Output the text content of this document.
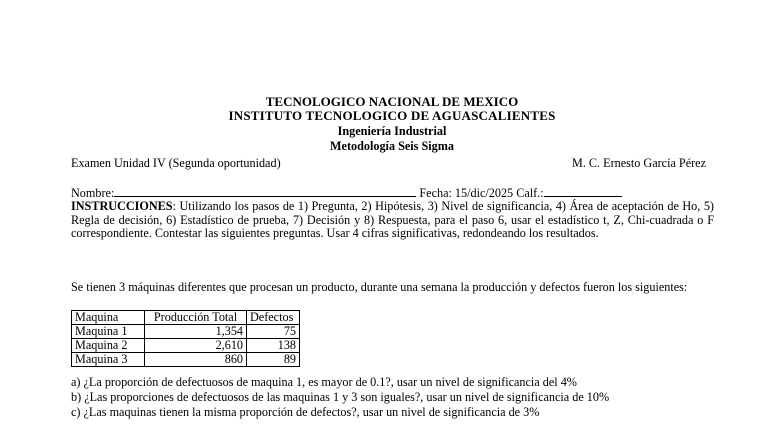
TECNOLOGICO NACIONAL DE MEXICO
INSTITUTO TECNOLOGICO DE AGUASCALIENTES
Ingeniería Industrial
Metodología Seis Sigma
Examen Unidad IV (Segunda oportunidad)	M. C. Ernesto García Pérez
Nombre:	Fecha: 15/dic/2025 Calf.:
INSTRUCCIONES: Utilizando los pasos de 1) Pregunta, 2) Hipótesis, 3) Nivel de significancia, 4) Área de aceptación de Ho, 5) Regla de decisión, 6) Estadístico de prueba, 7) Decisión y 8) Respuesta, para el paso 6, usar el estadístico t, Z, Chi-cuadrada o F correspondiente. Contestar las siguientes preguntas. Usar 4 cifras significativas, redondeando los resultados.
Se tienen 3 máquinas diferentes que procesan un producto, durante una semana la producción y defectos fueron los siguientes:
Maquina	Producción Total	Defectos
Maquina 1	1,354	75
Maquina 2	2,610	138
Maquina 3	860	89
a) ¿La proporción de defectuosos de maquina 1, es mayor de 0.1?, usar un nivel de significancia del 4%
b) ¿Las proporciones de defectuosos de las maquinas 1 y 3 son iguales?, usar un nivel de significancia de 10%
c) ¿Las maquinas tienen la misma proporción de defectos?, usar un nivel de significancia de 3%
